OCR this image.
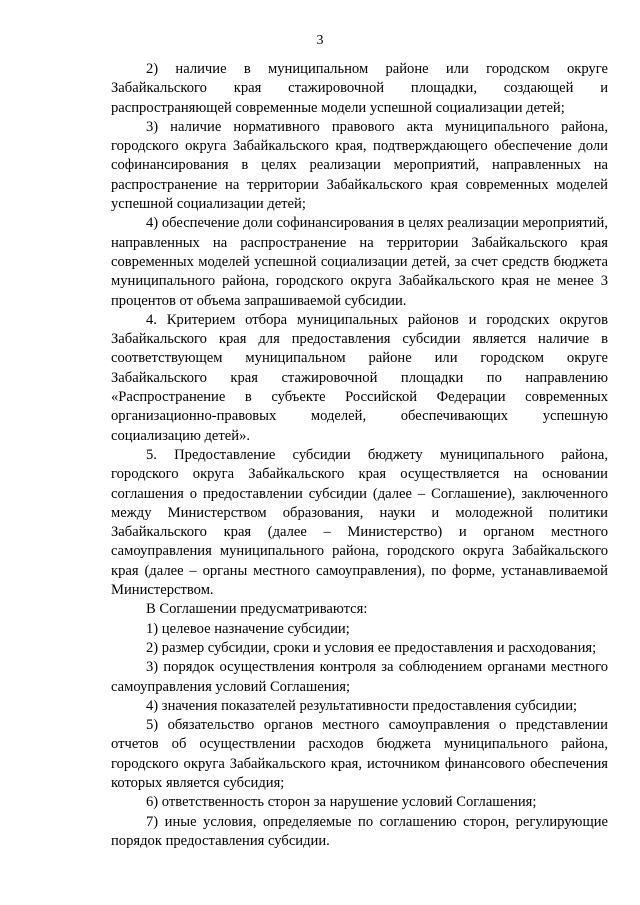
3

2) наличие в муниципальном районе или городском округе Забайкальского края стажировочной площадки, создающей и распространяющей современные модели успешной социализации детей;

3) наличие нормативного правового акта муниципального района, городского округа Забайкальского края, подтверждающего обеспечение доли софинансирования в целях реализации мероприятий, направленных на распространение на территории Забайкальского края современных моделей успешной социализации детей;

4) обеспечение доли софинансирования в целях реализации мероприятий, направленных на распространение на территории Забайкальского края современных моделей успешной социализации детей, за счет средств бюджета муниципального района, городского округа Забайкальского края не менее 3 процентов от объема запрашиваемой субсидии.

4. Критерием отбора муниципальных районов и городских округов Забайкальского края для предоставления субсидии является наличие в соответствующем муниципальном районе или городском округе Забайкальского края стажировочной площадки по направлению «Распространение в субъекте Российской Федерации современных организационно-правовых моделей, обеспечивающих успешную социализацию детей».

5. Предоставление субсидии бюджету муниципального района, городского округа Забайкальского края осуществляется на основании соглашения о предоставлении субсидии (далее – Соглашение), заключенного между Министерством образования, науки и молодежной политики Забайкальского края (далее – Министерство) и органом местного самоуправления муниципального района, городского округа Забайкальского края (далее – органы местного самоуправления), по форме, устанавливаемой Министерством.

В Соглашении предусматриваются:

1) целевое назначение субсидии;

2) размер субсидии, сроки и условия ее предоставления и расходования;

3) порядок осуществления контроля за соблюдением органами местного самоуправления условий Соглашения;

4) значения показателей результативности предоставления субсидии;

5) обязательство органов местного самоуправления о представлении отчетов об осуществлении расходов бюджета муниципального района, городского округа Забайкальского края, источником финансового обеспечения которых является субсидия;

6) ответственность сторон за нарушение условий Соглашения;

7) иные условия, определяемые по соглашению сторон, регулирующие порядок предоставления субсидии.
